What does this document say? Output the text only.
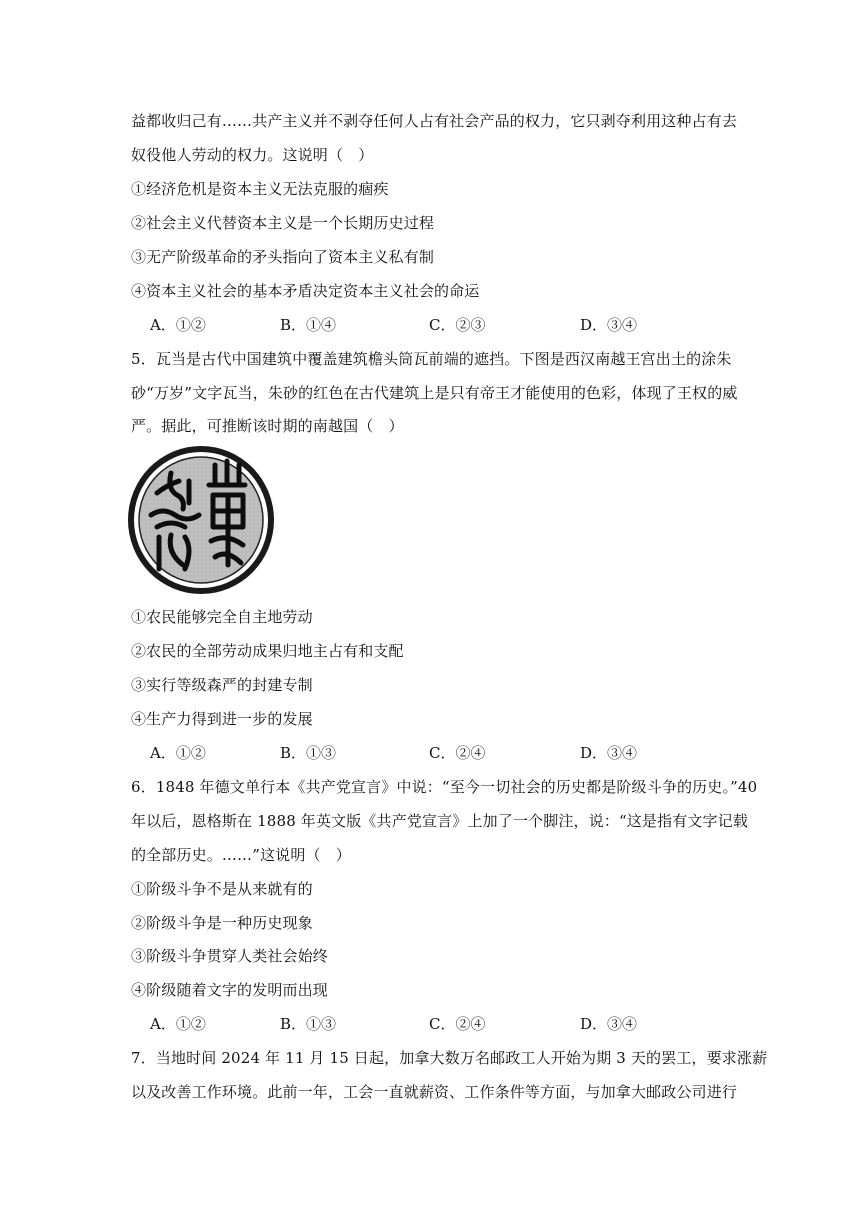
益都收归己有……共产主义并不剥夺任何人占有社会产品的权力，它只剥夺利用这种占有去
奴役他人劳动的权力。这说明（　）
①经济危机是资本主义无法克服的痼疾
②社会主义代替资本主义是一个长期历史过程
③无产阶级革命的矛头指向了资本主义私有制
④资本主义社会的基本矛盾决定资本主义社会的命运
A．①②	B．①④	C．②③	D．③④
5．瓦当是古代中国建筑中覆盖建筑檐头筒瓦前端的遮挡。下图是西汉南越王宫出土的涂朱
砂“万岁”文字瓦当，朱砂的红色在古代建筑上是只有帝王才能使用的色彩，体现了王权的威
严。据此，可推断该时期的南越国（　）
①农民能够完全自主地劳动
②农民的全部劳动成果归地主占有和支配
③实行等级森严的封建专制
④生产力得到进一步的发展
A．①②	B．①③	C．②④	D．③④
6．1848 年德文单行本《共产党宣言》中说：“至今一切社会的历史都是阶级斗争的历史。”40
年以后，恩格斯在 1888 年英文版《共产党宣言》上加了一个脚注，说：“这是指有文字记载
的全部历史。……”这说明（　）
①阶级斗争不是从来就有的
②阶级斗争是一种历史现象
③阶级斗争贯穿人类社会始终
④阶级随着文字的发明而出现
A．①②	B．①③	C．②④	D．③④
7．当地时间 2024 年 11 月 15 日起，加拿大数万名邮政工人开始为期 3 天的罢工，要求涨薪
以及改善工作环境。此前一年，工会一直就薪资、工作条件等方面，与加拿大邮政公司进行
